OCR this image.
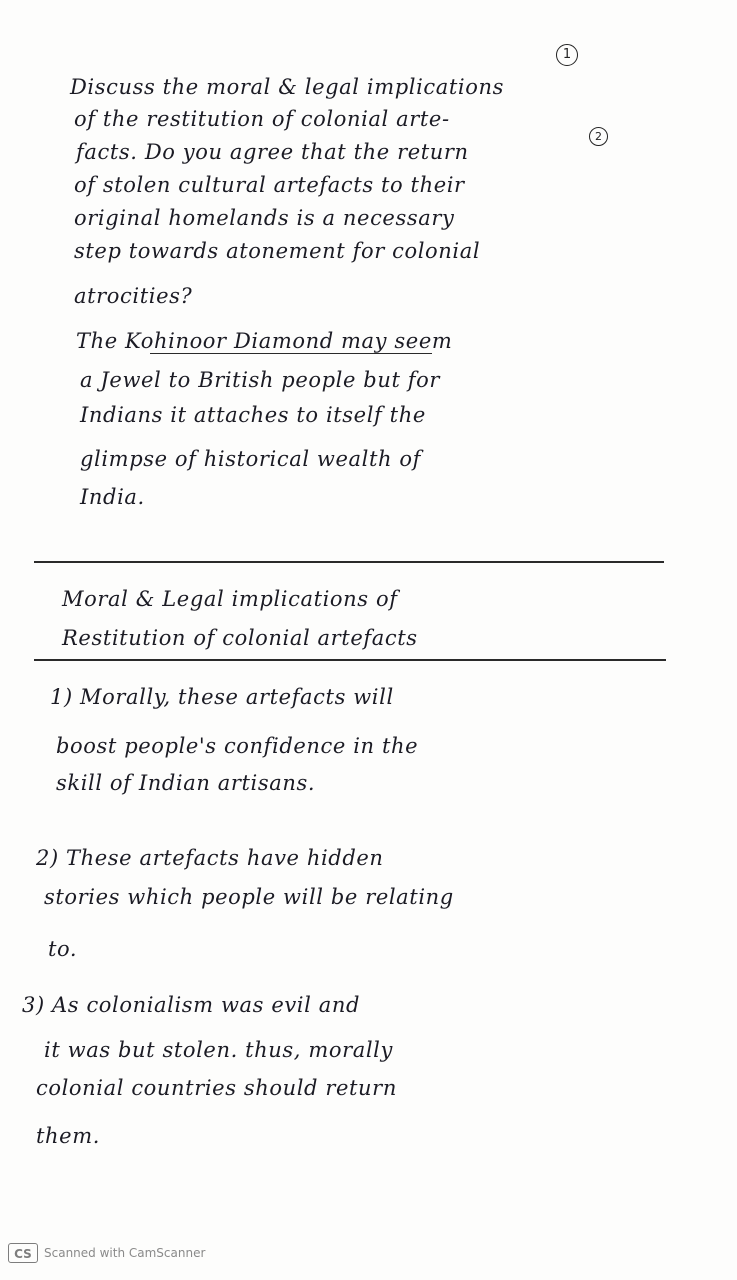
1
Discuss the moral & legal implications
2
of the restitution of colonial arte-
facts. Do you agree that the return
of stolen cultural artefacts to their
original homelands is a necessary
step towards atonement for colonial
atrocities?
The Kohinoor Diamond may seem
a Jewel to British people but for
Indians it attaches to itself the
glimpse of historical wealth of
India.
Moral & Legal implications of
Restitution of colonial artefacts
1) Morally, these artefacts will
boost people's confidence in the
skill of Indian artisans.
2) These artefacts have hidden
stories which people will be relating
to.
3) As colonialism was evil and
it was but stolen. thus, morally
colonial countries should return
them.
CS	Scanned with CamScanner
